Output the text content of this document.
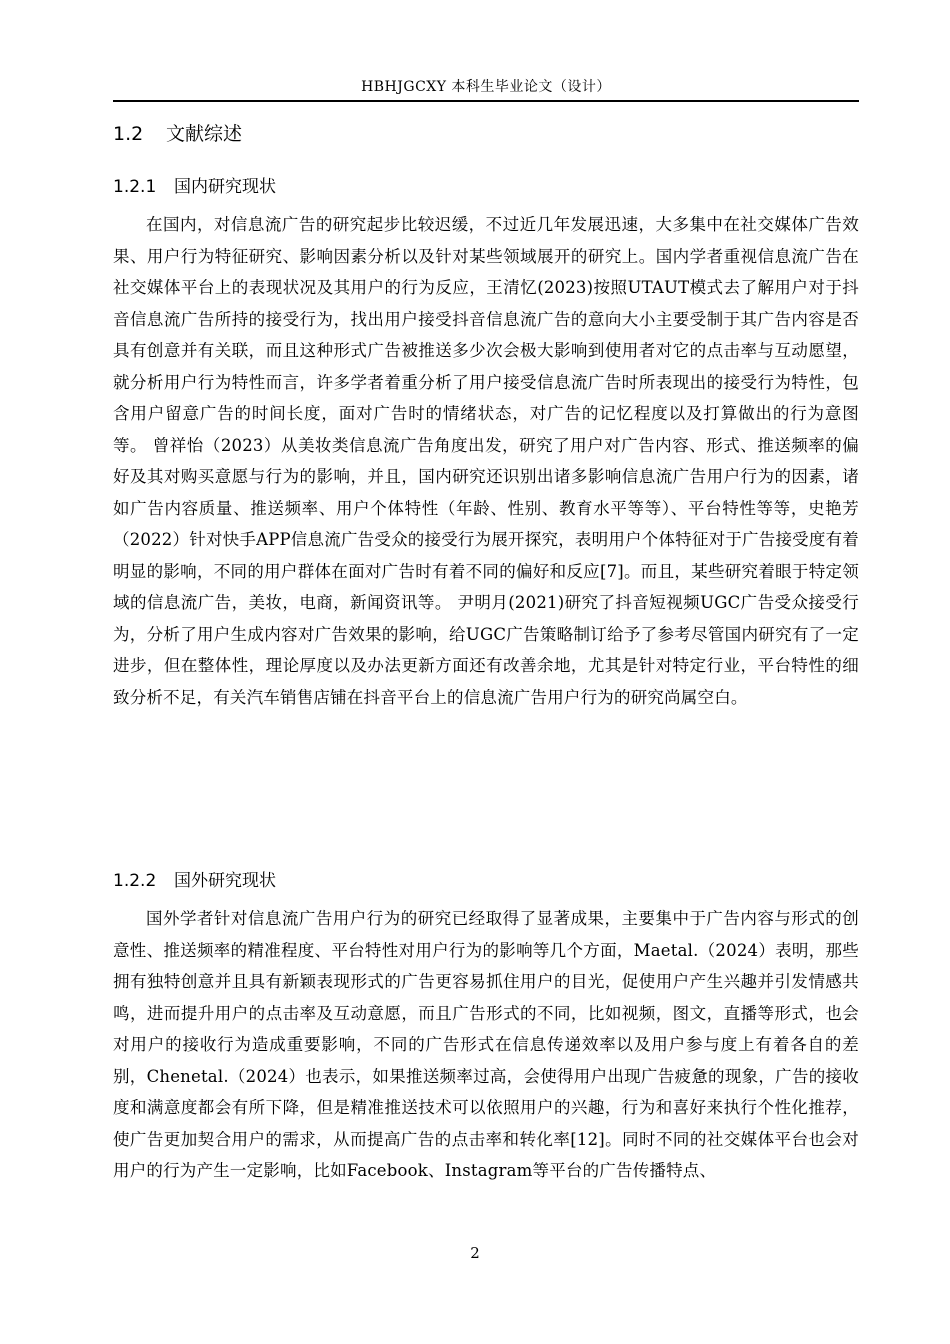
HBHJGCXY 本科生毕业论文（设计）
1.2 文献综述
1.2.1 国内研究现状

在国内，对信息流广告的研究起步比较迟缓，不过近几年发展迅速，大多集中在社交媒体广告效果、用户行为特征研究、影响因素分析以及针对某些领域展开的研究上。国内学者重视信息流广告在社交媒体平台上的表现状况及其用户的行为反应，王清忆(2023)按照UTAUT模式去了解用户对于抖音信息流广告所持的接受行为，找出用户接受抖音信息流广告的意向大小主要受制于其广告内容是否具有创意并有关联，而且这种形式广告被推送多少次会极大影响到使用者对它的点击率与互动愿望，就分析用户行为特性而言，许多学者着重分析了用户接受信息流广告时所表现出的接受行为特性，包含用户留意广告的时间长度，面对广告时的情绪状态，对广告的记忆程度以及打算做出的行为意图等。 曾祥怡（2023）从美妆类信息流广告角度出发，研究了用户对广告内容、形式、推送频率的偏好及其对购买意愿与行为的影响，并且，国内研究还识别出诸多影响信息流广告用户行为的因素，诸如广告内容质量、推送频率、用户个体特性（年龄、性别、教育水平等等）、平台特性等等，史艳芳（2022）针对快手APP信息流广告受众的接受行为展开探究，表明用户个体特征对于广告接受度有着明显的影响，不同的用户群体在面对广告时有着不同的偏好和反应[7]。而且，某些研究着眼于特定领域的信息流广告，美妆，电商，新闻资讯等。 尹明月(2021)研究了抖音短视频UGC广告受众接受行为，分析了用户生成内容对广告效果的影响，给UGC广告策略制订给予了参考尽管国内研究有了一定进步，但在整体性，理论厚度以及办法更新方面还有改善余地，尤其是针对特定行业，平台特性的细致分析不足，有关汽车销售店铺在抖音平台上的信息流广告用户行为的研究尚属空白。

1.2.2 国外研究现状

国外学者针对信息流广告用户行为的研究已经取得了显著成果，主要集中于广告内容与形式的创意性、推送频率的精准程度、平台特性对用户行为的影响等几个方面，Maetal.（2024）表明，那些拥有独特创意并且具有新颖表现形式的广告更容易抓住用户的目光，促使用户产生兴趣并引发情感共鸣，进而提升用户的点击率及互动意愿，而且广告形式的不同，比如视频，图文，直播等形式，也会对用户的接收行为造成重要影响，不同的广告形式在信息传递效率以及用户参与度上有着各自的差别，Chenetal.（2024）也表示，如果推送频率过高，会使得用户出现广告疲惫的现象，广告的接收度和满意度都会有所下降，但是精准推送技术可以依照用户的兴趣，行为和喜好来执行个性化推荐，使广告更加契合用户的需求，从而提高广告的点击率和转化率[12]。同时不同的社交媒体平台也会对用户的行为产生一定影响，比如Facebook、Instagram等平台的广告传播特点、

2
